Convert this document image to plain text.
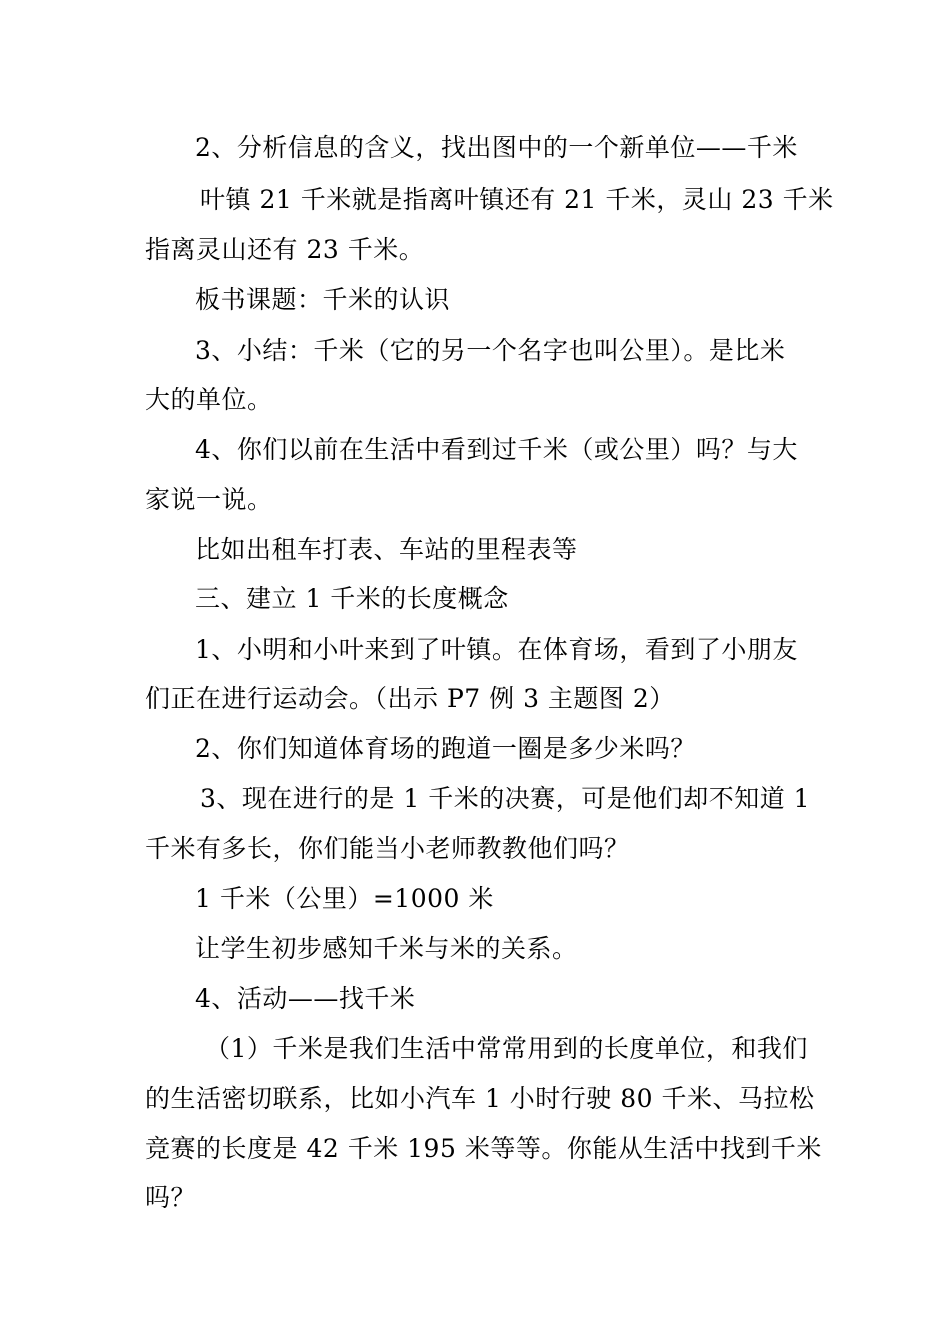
2、分析信息的含义，找出图中的一个新单位——千米
叶镇 21 千米就是指离叶镇还有 21 千米，灵山 23 千米
指离灵山还有 23 千米。
板书课题：千米的认识
3、小结：千米（它的另一个名字也叫公里）。是比米
大的单位。
4、你们以前在生活中看到过千米（或公里）吗？与大
家说一说。
比如出租车打表、车站的里程表等
三、建立 1 千米的长度概念
1、小明和小叶来到了叶镇。在体育场，看到了小朋友
们正在进行运动会。（出示 P7 例 3 主题图 2）
2、你们知道体育场的跑道一圈是多少米吗？
3、现在进行的是 1 千米的决赛，可是他们却不知道 1
千米有多长，你们能当小老师教教他们吗？
1 千米（公里）=1000 米
让学生初步感知千米与米的关系。
4、活动——找千米
（1）千米是我们生活中常常用到的长度单位，和我们
的生活密切联系，比如小汽车 1 小时行驶 80 千米、马拉松
竞赛的长度是 42 千米 195 米等等。你能从生活中找到千米
吗？
